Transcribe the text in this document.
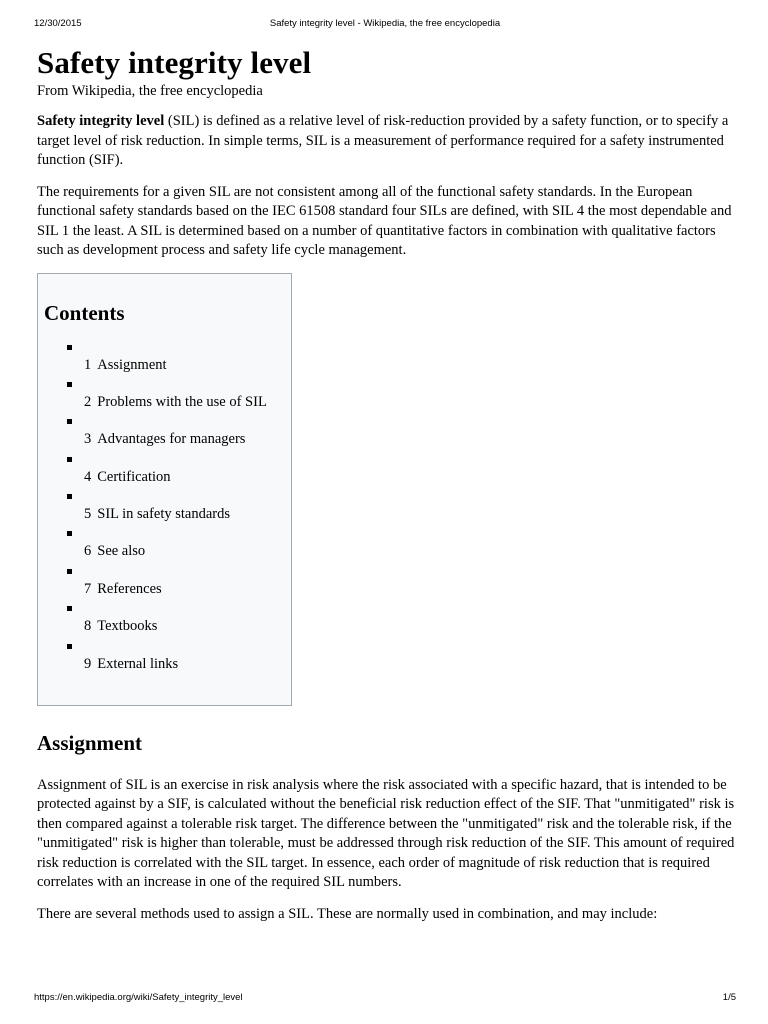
12/30/2015	Safety integrity level - Wikipedia, the free encyclopedia
Safety integrity level
From Wikipedia, the free encyclopedia

Safety integrity level (SIL) is defined as a relative level of risk-reduction provided by a safety function, or to specify a target level of risk reduction. In simple terms, SIL is a measurement of performance required for a safety instrumented function (SIF).

The requirements for a given SIL are not consistent among all of the functional safety standards. In the European functional safety standards based on the IEC 61508 standard four SILs are defined, with SIL 4 the most dependable and SIL 1 the least. A SIL is determined based on a number of quantitative factors in combination with qualitative factors such as development process and safety life cycle management.

Contents
1 Assignment
2 Problems with the use of SIL
3 Advantages for managers
4 Certification
5 SIL in safety standards
6 See also
7 References
8 Textbooks
9 External links
Assignment

Assignment of SIL is an exercise in risk analysis where the risk associated with a specific hazard, that is intended to be protected against by a SIF, is calculated without the beneficial risk reduction effect of the SIF. That "unmitigated" risk is then compared against a tolerable risk target. The difference between the "unmitigated" risk and the tolerable risk, if the "unmitigated" risk is higher than tolerable, must be addressed through risk reduction of the SIF. This amount of required risk reduction is correlated with the SIL target. In essence, each order of magnitude of risk reduction that is required correlates with an increase in one of the required SIL numbers.

There are several methods used to assign a SIL. These are normally used in combination, and may include:

https://en.wikipedia.org/wiki/Safety_integrity_level	1/5
